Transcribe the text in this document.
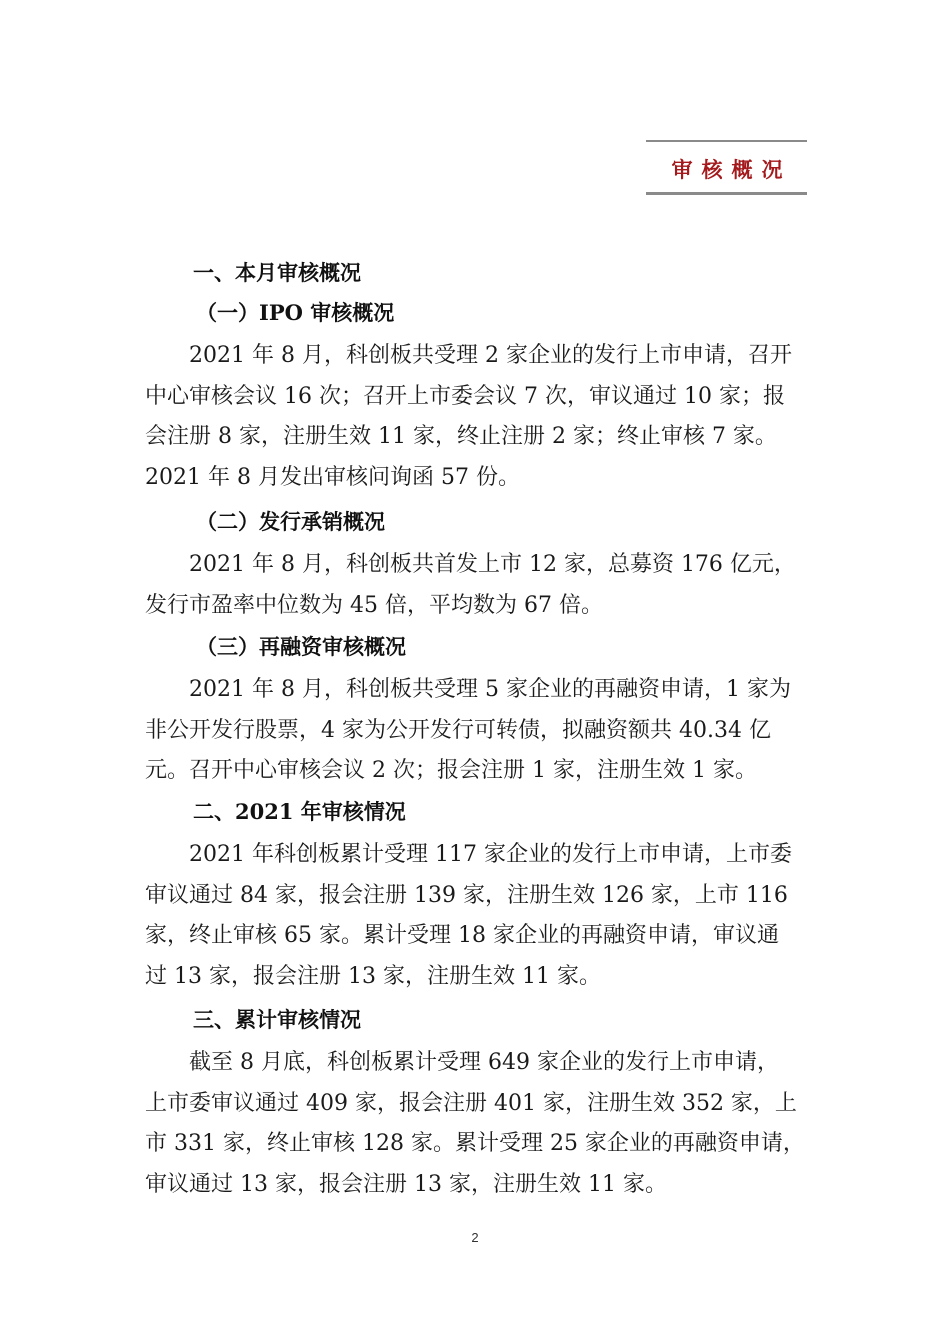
审核概况
一、本月审核概况
（一）IPO 审核概况

2021 年 8 月，科创板共受理 2 家企业的发行上市申请，召开
中心审核会议 16 次；召开上市委会议 7 次，审议通过 10 家；报
会注册 8 家，注册生效 11 家，终止注册 2 家；终止审核 7 家。
2021 年 8 月发出审核问询函 57 份。

（二）发行承销概况

2021 年 8 月，科创板共首发上市 12 家，总募资 176 亿元，
发行市盈率中位数为 45 倍，平均数为 67 倍。

（三）再融资审核概况

2021 年 8 月，科创板共受理 5 家企业的再融资申请，1 家为
非公开发行股票，4 家为公开发行可转债，拟融资额共 40.34 亿
元。召开中心审核会议 2 次；报会注册 1 家，注册生效 1 家。

二、2021 年审核情况

2021 年科创板累计受理 117 家企业的发行上市申请，上市委
审议通过 84 家，报会注册 139 家，注册生效 126 家，上市 116
家，终止审核 65 家。累计受理 18 家企业的再融资申请，审议通
过 13 家，报会注册 13 家，注册生效 11 家。

三、累计审核情况

截至 8 月底，科创板累计受理 649 家企业的发行上市申请，
上市委审议通过 409 家，报会注册 401 家，注册生效 352 家，上
市 331 家，终止审核 128 家。累计受理 25 家企业的再融资申请，
审议通过 13 家，报会注册 13 家，注册生效 11 家。

2
